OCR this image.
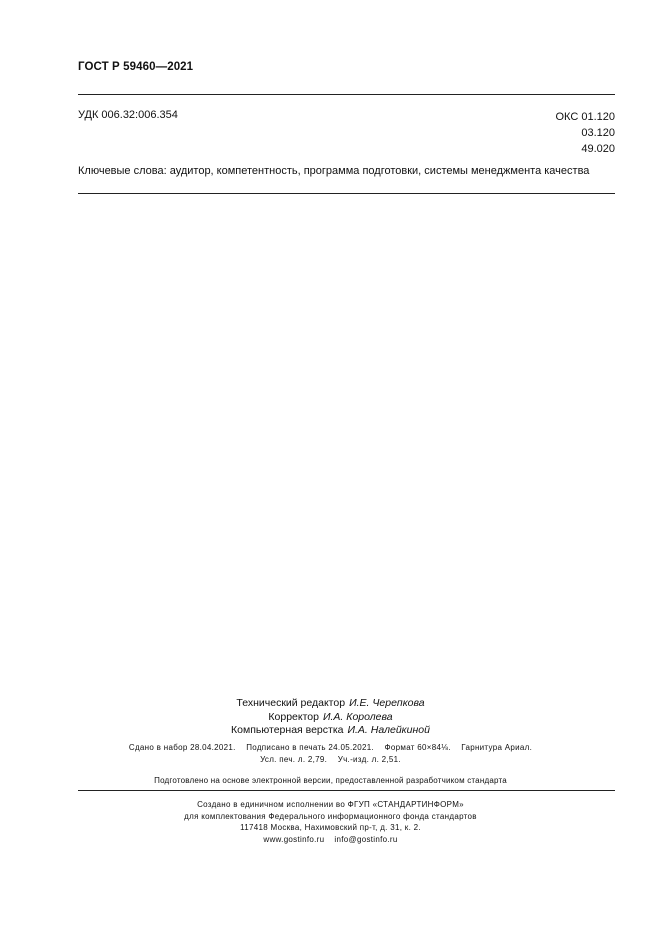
ГОСТ Р 59460—2021
УДК 006.32:006.354	ОКС 01.120
03.120
49.020
Ключевые слова: аудитор, компетентность, программа подготовки, системы менеджмента качества
Технический редактор И.Е. Черепкова
Корректор И.А. Королева
Компьютерная верстка И.А. Налейкиной
Сдано в набор 28.04.2021. Подписано в печать 24.05.2021. Формат 60×84⅛. Гарнитура Ариал.
Усл. печ. л. 2,79. Уч.-изд. л. 2,51.
Подготовлено на основе электронной версии, предоставленной разработчиком стандарта
Создано в единичном исполнении во ФГУП «СТАНДАРТИНФОРМ»
для комплектования Федерального информационного фонда стандартов
117418 Москва, Нахимовский пр-т, д. 31, к. 2.
www.gostinfo.ru    info@gostinfo.ru
